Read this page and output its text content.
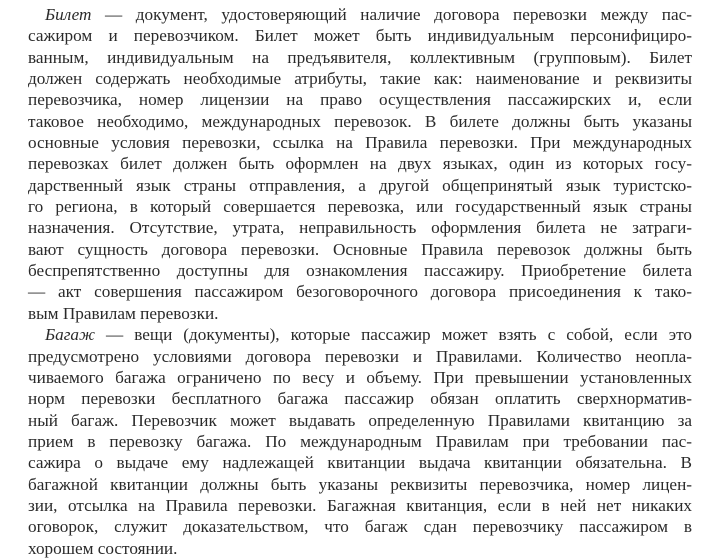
Билет — документ, удостоверяющий наличие договора перевозки между пас-
сажиром и перевозчиком. Билет может быть индивидуальным персонифициро-
ванным, индивидуальным на предъявителя, коллективным (групповым). Билет
должен содержать необходимые атрибуты, такие как: наименование и реквизиты
перевозчика, номер лицензии на право осуществления пассажирских и, если
таковое необходимо, международных перевозок. В билете должны быть указаны
основные условия перевозки, ссылка на Правила перевозки. При международных
перевозках билет должен быть оформлен на двух языках, один из которых госу-
дарственный язык страны отправления, а другой общепринятый язык туристско-
го региона, в который совершается перевозка, или государственный язык страны
назначения. Отсутствие, утрата, неправильность оформления билета не затраги-
вают сущность договора перевозки. Основные Правила перевозок должны быть
беспрепятственно доступны для ознакомления пассажиру. Приобретение билета
— акт совершения пассажиром безоговорочного договора присоединения к тако-
вым Правилам перевозки.
Багаж — вещи (документы), которые пассажир может взять с собой, если это
предусмотрено условиями договора перевозки и Правилами. Количество неопла-
чиваемого багажа ограничено по весу и объему. При превышении установленных
норм перевозки бесплатного багажа пассажир обязан оплатить сверхнорматив-
ный багаж. Перевозчик может выдавать определенную Правилами квитанцию за
прием в перевозку багажа. По международным Правилам при требовании пас-
сажира о выдаче ему надлежащей квитанции выдача квитанции обязательна. В
багажной квитанции должны быть указаны реквизиты перевозчика, номер лицен-
зии, отсылка на Правила перевозки. Багажная квитанция, если в ней нет никаких
оговорок, служит доказательством, что багаж сдан перевозчику пассажиром в
хорошем состоянии.
